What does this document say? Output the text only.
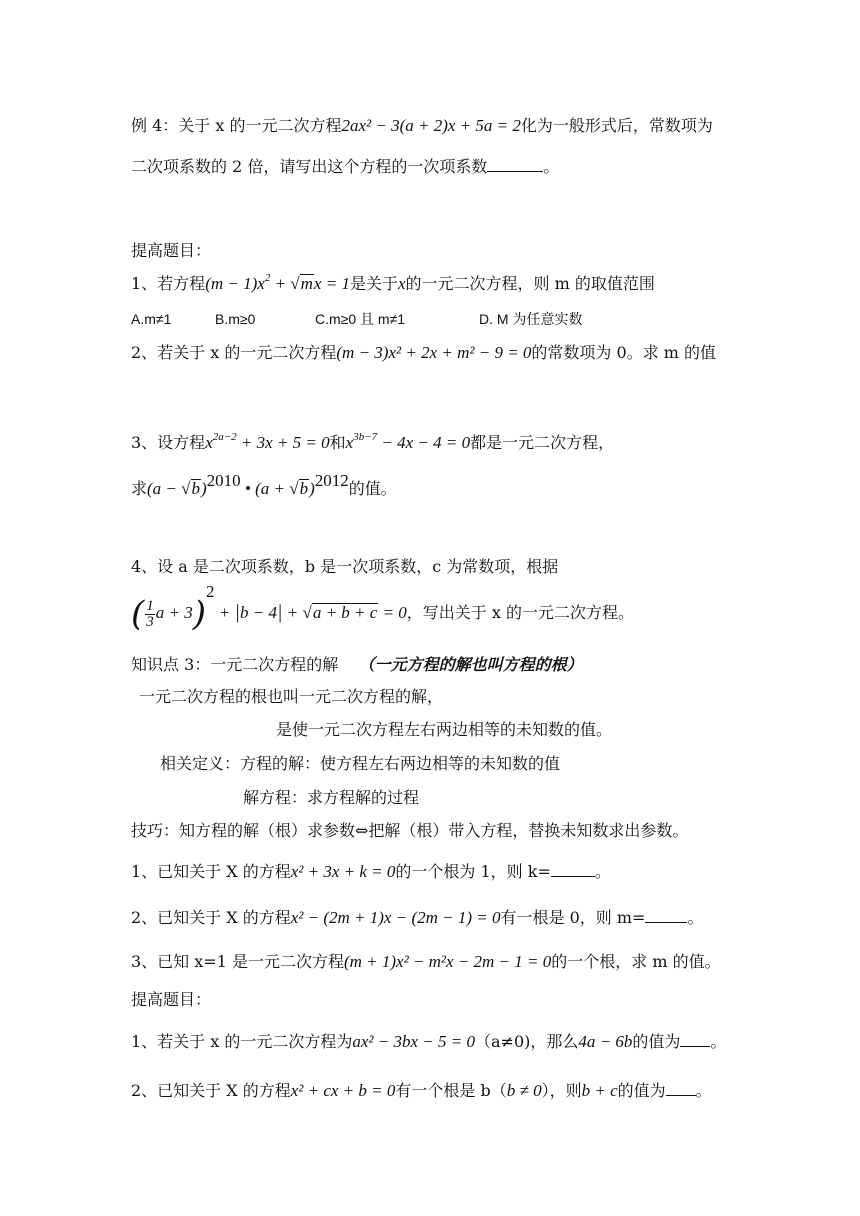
例 4：关于 x 的一元二次方程2ax² − 3(a + 2)x + 5a = 2化为一般形式后，常数项为
二次项系数的 2 倍，请写出这个方程的一次项系数	。
提高题目：
1、若方程$(m - 1)x^2 + √mx = 1$是关于x的一元二次方程，则 m 的取值范围
A.m≠1	B.m≥0	C.m≥0 且 m≠1	D. M 为任意实数
2、若关于 x 的一元二次方程(m − 3)x² + 2x + m² − 9 = 0的常数项为 0。求 m 的值
3、设方程$x^{2a-2} + 3x + 5 = 0$和$x^{3b-7} - 4x - 4 = 0$都是一元二次方程，
求$(a - √b)^{2010}$ • $(a + √b)^{2012}$的值。
4、设 a 是二次项系数，b 是一次项系数，c 为常数项，根据
( $\frac{1}{3}$ a + 3)$^2$ + |b − 4| + √a + b + c = 0，写出关于 x 的一元二次方程。
知识点 3：一元二次方程的解 （一元方程的解也叫方程的根）
一元二次方程的根也叫一元二次方程的解，
是使一元二次方程左右两边相等的未知数的值。
相关定义：方程的解：使方程左右两边相等的未知数的值
解方程：求方程解的过程
技巧：知方程的解（根）求参数⇔把解（根）带入方程，替换未知数求出参数。
1、已知关于 X 的方程x² + 3x + k = 0的一个根为 1，则 k=	。
2、已知关于 X 的方程x² − (2m + 1)x − (2m − 1) = 0有一根是 0，则 m=	。
3、已知 x=1 是一元二次方程(m + 1)x² − m²x − 2m − 1 = 0的一个根，求 m 的值。
提高题目：
1、若关于 x 的一元二次方程为ax² − 3bx − 5 = 0（a≠0)，那么4a − 6b的值为 。
2、已知关于 X 的方程x² + cx + b = 0有一个根是 b（b ≠ 0），则b + c的值为 。
